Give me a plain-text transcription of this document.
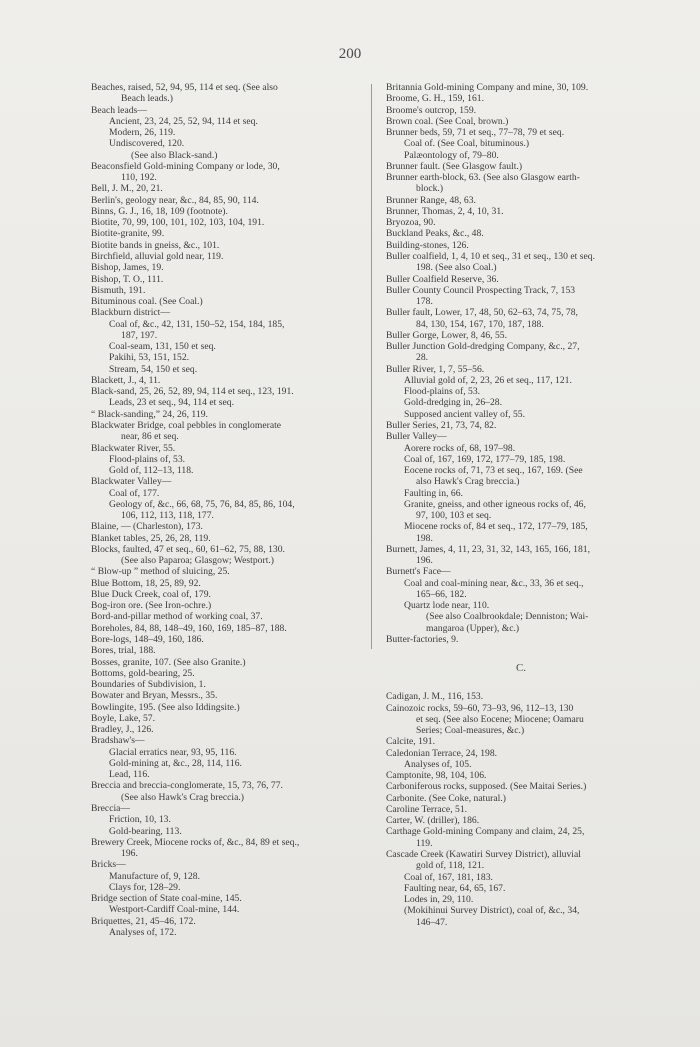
200
Beaches, raised, 52, 94, 95, 114 et seq. (See also
Beach leads.)
Beach leads—
Ancient, 23, 24, 25, 52, 94, 114 et seq.
Modern, 26, 119.
Undiscovered, 120.
(See also Black-sand.)
Beaconsfield Gold-mining Company or lode, 30,
110, 192.
Bell, J. M., 20, 21.
Berlin's, geology near, &c., 84, 85, 90, 114.
Binns, G. J., 16, 18, 109 (footnote).
Biotite, 70, 99, 100, 101, 102, 103, 104, 191.
Biotite-granite, 99.
Biotite bands in gneiss, &c., 101.
Birchfield, alluvial gold near, 119.
Bishop, James, 19.
Bishop, T. O., 111.
Bismuth, 191.
Bituminous coal. (See Coal.)
Blackburn district—
Coal of, &c., 42, 131, 150–52, 154, 184, 185,
187, 197.
Coal-seam, 131, 150 et seq.
Pakihi, 53, 151, 152.
Stream, 54, 150 et seq.
Blackett, J., 4, 11.
Black-sand, 25, 26, 52, 89, 94, 114 et seq., 123, 191.
Leads, 23 et seq., 94, 114 et seq.
“ Black-sanding,” 24, 26, 119.
Blackwater Bridge, coal pebbles in conglomerate
near, 86 et seq.
Blackwater River, 55.
Flood-plains of, 53.
Gold of, 112–13, 118.
Blackwater Valley—
Coal of, 177.
Geology of, &c., 66, 68, 75, 76, 84, 85, 86, 104,
106, 112, 113, 118, 177.
Blaine, — (Charleston), 173.
Blanket tables, 25, 26, 28, 119.
Blocks, faulted, 47 et seq., 60, 61–62, 75, 88, 130.
(See also Paparoa; Glasgow; Westport.)
“ Blow-up ” method of sluicing, 25.
Blue Bottom, 18, 25, 89, 92.
Blue Duck Creek, coal of, 179.
Bog-iron ore. (See Iron-ochre.)
Bord-and-pillar method of working coal, 37.
Boreholes, 84, 88, 148–49, 160, 169, 185–87, 188.
Bore-logs, 148–49, 160, 186.
Bores, trial, 188.
Bosses, granite, 107. (See also Granite.)
Bottoms, gold-bearing, 25.
Boundaries of Subdivision, 1.
Bowater and Bryan, Messrs., 35.
Bowlingite, 195. (See also Iddingsite.)
Boyle, Lake, 57.
Bradley, J., 126.
Bradshaw's—
Glacial erratics near, 93, 95, 116.
Gold-mining at, &c., 28, 114, 116.
Lead, 116.
Breccia and breccia-conglomerate, 15, 73, 76, 77.
(See also Hawk's Crag breccia.)
Breccia—
Friction, 10, 13.
Gold-bearing, 113.
Brewery Creek, Miocene rocks of, &c., 84, 89 et seq.,
196.
Bricks—
Manufacture of, 9, 128.
Clays for, 128–29.
Bridge section of State coal-mine, 145.
Westport-Cardiff Coal-mine, 144.
Briquettes, 21, 45–46, 172.
Analyses of, 172.
Britannia Gold-mining Company and mine, 30, 109.
Broome, G. H., 159, 161.
Broome's outcrop, 159.
Brown coal. (See Coal, brown.)
Brunner beds, 59, 71 et seq., 77–78, 79 et seq.
Coal of. (See Coal, bituminous.)
Palæontology of, 79–80.
Brunner fault. (See Glasgow fault.)
Brunner earth-block, 63. (See also Glasgow earth-
block.)
Brunner Range, 48, 63.
Brunner, Thomas, 2, 4, 10, 31.
Bryozoa, 90.
Buckland Peaks, &c., 48.
Building-stones, 126.
Buller coalfield, 1, 4, 10 et seq., 31 et seq., 130 et seq.
198. (See also Coal.)
Buller Coalfield Reserve, 36.
Buller County Council Prospecting Track, 7, 153
178.
Buller fault, Lower, 17, 48, 50, 62–63, 74, 75, 78,
84, 130, 154, 167, 170, 187, 188.
Buller Gorge, Lower, 8, 46, 55.
Buller Junction Gold-dredging Company, &c., 27,
28.
Buller River, 1, 7, 55–56.
Alluvial gold of, 2, 23, 26 et seq., 117, 121.
Flood-plains of, 53.
Gold-dredging in, 26–28.
Supposed ancient valley of, 55.
Buller Series, 21, 73, 74, 82.
Buller Valley—
Aorere rocks of, 68, 197–98.
Coal of, 167, 169, 172, 177–79, 185, 198.
Eocene rocks of, 71, 73 et seq., 167, 169. (See
also Hawk's Crag breccia.)
Faulting in, 66.
Granite, gneiss, and other igneous rocks of, 46,
97, 100, 103 et seq.
Miocene rocks of, 84 et seq., 172, 177–79, 185,
198.
Burnett, James, 4, 11, 23, 31, 32, 143, 165, 166, 181,
196.
Burnett's Face—
Coal and coal-mining near, &c., 33, 36 et seq.,
165–66, 182.
Quartz lode near, 110.
(See also Coalbrookdale; Denniston; Wai-
mangaroa (Upper), &c.)
Butter-factories, 9.
C.
Cadigan, J. M., 116, 153.
Cainozoic rocks, 59–60, 73–93, 96, 112–13, 130
et seq. (See also Eocene; Miocene; Oamaru
Series; Coal-measures, &c.)
Calcite, 191.
Caledonian Terrace, 24, 198.
Analyses of, 105.
Camptonite, 98, 104, 106.
Carboniferous rocks, supposed. (See Maitai Series.)
Carbonite. (See Coke, natural.)
Caroline Terrace, 51.
Carter, W. (driller), 186.
Carthage Gold-mining Company and claim, 24, 25,
119.
Cascade Creek (Kawatiri Survey District), alluvial
gold of, 118, 121.
Coal of, 167, 181, 183.
Faulting near, 64, 65, 167.
Lodes in, 29, 110.
(Mokihinui Survey District), coal of, &c., 34,
146–47.
